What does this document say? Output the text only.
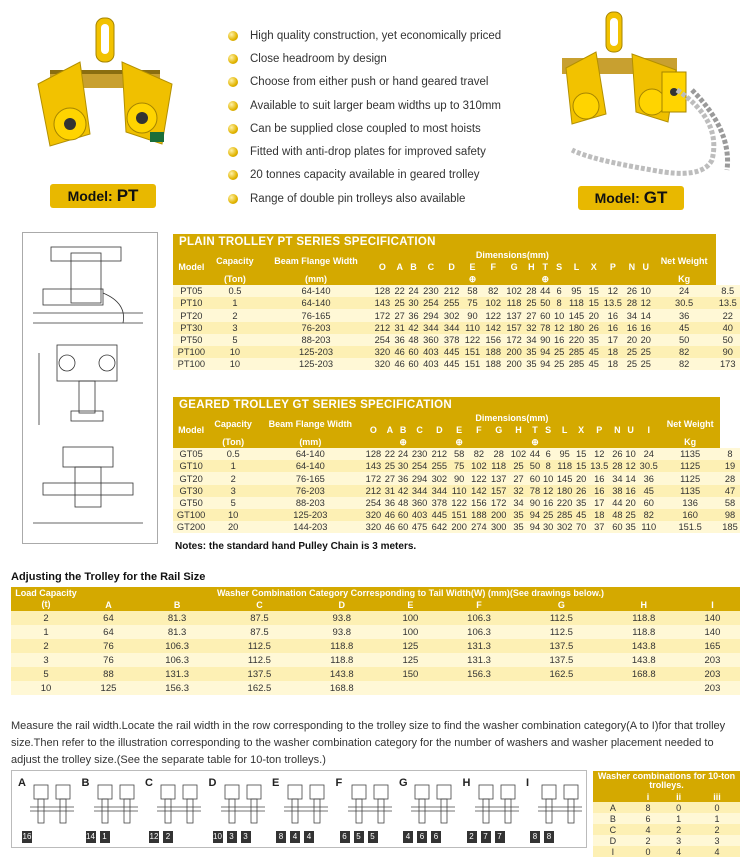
Model: PT	Model: GT
High quality construction, yet economically priced
Close headroom by design
Choose from either push or hand geared travel
Available to suit larger beam widths up to 310mm
Can be supplied close coupled to most hoists
Fitted with anti-drop plates for improved safety
20 tonnes capacity available in geared trolley
Range of double pin trolleys also available
PLAIN TROLLEY PT SERIES SPECIFICATION																				
Model	Capacity	Beam Flange Width	Dimensions(mm)																Net Weight	
			O	A	B	C	D	E	F	G	H	T	S	L	X	P	N	U		
	(Ton)	(mm)						⊕				⊕							Kg	
PT05	0.5	64-140	128	22	24	230	212	58	82	102	28	44	6	95	15	12	26	10	24	8.5
PT10	1	64-140	143	25	30	254	255	75	102	118	25	50	8	118	15	13.5	28	12	30.5	13.5
PT20	2	76-165	172	27	36	294	302	90	122	137	27	60	10	145	20	16	34	14	36	22
PT30	3	76-203	212	31	42	344	344	110	142	157	32	78	12	180	26	16	16	16	45	40
PT50	5	88-203	254	36	48	360	378	122	156	172	34	90	16	220	35	17	20	20	50	50
PT100	10	125-203	320	46	60	403	445	151	188	200	35	94	25	285	45	18	25	25	82	90
PT100	10	125-203	320	46	60	403	445	151	188	200	35	94	25	285	45	18	25	25	82	173
GEARED TROLLEY GT SERIES SPECIFICATION																					
Model	Capacity	Beam Flange Width	Dimensions(mm)																	Net Weight	
			O	A	B	C	D	E	F	G	H	T	S	L	X	P	N	U	I		
	(Ton)	(mm)			⊕			⊕				⊕								Kg	
GT05	0.5	64-140	128	22	24	230	212	58	82	28	102	44	6	95	15	12	26	10	24	1135	8
GT10	1	64-140	143	25	30	254	255	75	102	118	25	50	8	118	15	13.5	28	12	30.5	1125	19
GT20	2	76-165	172	27	36	294	302	90	122	137	27	60	10	145	20	16	34	14	36	1125	28
GT30	3	76-203	212	31	42	344	344	110	142	157	32	78	12	180	26	16	38	16	45	1135	47
GT50	5	88-203	254	36	48	360	378	122	156	172	34	90	16	220	35	17	44	20	60	136	58
GT100	10	125-203	320	46	60	403	445	151	188	200	35	94	25	285	45	18	48	25	82	160	98
GT200	20	144-203	320	46	60	475	642	200	274	300	35	94	30	302	70	37	60	35	110	151.5	185
Notes: the standard hand Pulley Chain is 3 meters.
Adjusting the Trolley for the Rail Size
Load Capacity (t)	Washer Combination Category Corresponding to Tail Width(W) (mm)(See drawings below.)								
	A	B	C	D	E	F	G	H	I
2	64	81.3	87.5	93.8	100	106.3	112.5	118.8	140
1	64	81.3	87.5	93.8	100	106.3	112.5	118.8	140
2	76	106.3	112.5	118.8	125	131.3	137.5	143.8	165
3	76	106.3	112.5	118.8	125	131.3	137.5	143.8	203
5	88	131.3	137.5	143.8	150	156.3	162.5	168.8	203
10	125	156.3	162.5	168.8					203
Measure the rail width.Locate the rail width in the row corresponding to the trolley size to find the washer combination category(A to I)for that trolley size.Then refer to the illustration corresponding to the washer combination category for the number of washers and washer placement needed to adjust the trolley size.(See the separate table for 10-ton trolleys.)
A
16
B
14 1
C
12 2
D
10 3	3
E
8	4	4
F
6	5	5
G
4	6	6
H
2	7	7
I
8	8
Washer combinations for 10-ton trolleys.			
	i	ii	iii
A	8	0	0
B	6	1	1
C	4	2	2
D	2	3	3
I	0	4	4
